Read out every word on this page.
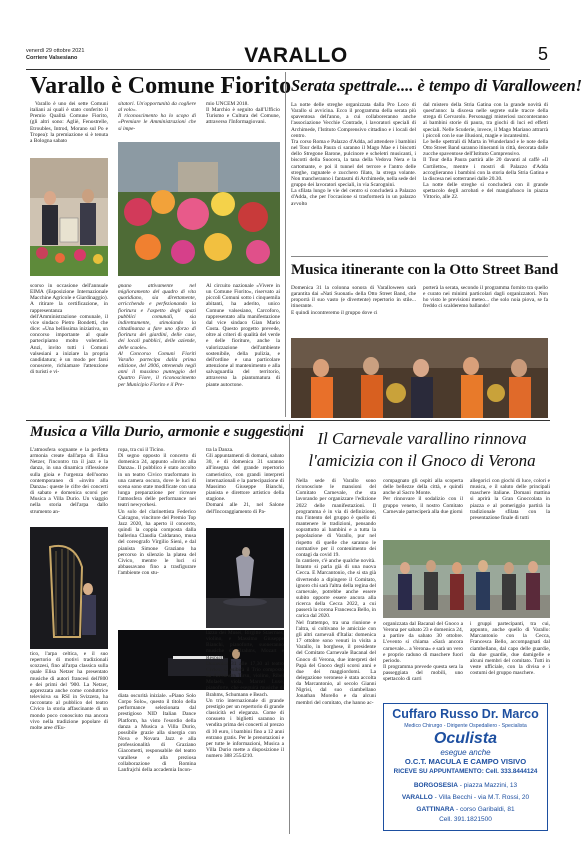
venerdì 29 ottobre 2021

Corriere Valsesiano	VARALLO	5
Varallo è Comune Fiorito
Varallo è uno dei sette Comuni italiani ai quali è stato conferito il Premio Qualità Comune Fiorito, (gli altri sono: Agliè, Fenostrelle, Etroubles, Introd, Morano sul Po e Tropea): la premiazione si è tenuta a Bologna sabato
sitatori. Un'opportunità da cogliere al volo».
Il riconoscimento ha lo scopo di «Premiare le Amministrazioni che si impe-
mio UNCEM 2018.
Il Marchio è seguito dall'Ufficio Turismo e Cultura del Comune, attraverso l'Informagiovani.
scorso in occasione dell'annuale EIMA (Esposizione Internazionale Macchine Agricole e Giardinaggio). A ritirare la certificazione, in rappresentanza dell'Amministrazione comunale, il vice sindaco Pietro Bondetti, che dice: «Una bellissima iniziativa, un concorso importante al quale partecipiamo molto volentieri. Anzi, invito tutti i Comuni valsesiani a iniziare la propria candidatura; è un modo per farsi conoscere, richiamare l'attenzione di turisti e vi-
gnano attivamente nel miglioramento del quadro di vita quotidiano, sia direttamente, arricchendo e perfezionando la fioritura e l'aspetto degli spazi pubblici comunali, sia indirettamente, stimolando la cittadinanza a fare uno sforzo di fioritura dei giardini, delle case, dei locali pubblici, delle aziende, delle scuole».
Al Concorso Comuni Fioriti Varallo partecipa dalla prima edizione, del 2006, ottenendo negli anni il massimo punteggio del Quattro Fiore, il riconoscimento per Municipio Fiorito e il Pre-
Al circuito nazionale «Vivere in un Comune Fiorito», riservato ai piccoli Comuni sotto i cinquemila abitanti, ha aderito, unico Comune valsesiano, Carcoforo, rappresentato alla manifestazione dal vice sindaco Gian Mario Costa. Questo progetto prevede, oltre ai criteri di qualità del verde e delle fioriture, anche la valorizzazione dell'ambiente sostenibile, della pulizia, e dell'ordine e una particolare attenzione al mantenimento e alla salvaguardia del territorio, attraverso la piantumatura di piante autoctone.
Serata spettrale.... è tempo di Varalloween!
La notte delle streghe organizzata dalla Pro Loco di Varallo si avvicina. Ecco il programma della serata più spaventosa dell'anno, a cui collaboreranno anche l'associazione Vecchie Contrade, i lavoratori speciali di Archimede, l'Istituto Comprensivo cittadino e i locali del centro.
Tra corso Roma e Palazzo d'Adda, ad attendere i bambini nel Tour della Paura ci saranno il Mago Mae e i biscotti dello Stregone Barone, pulcinore e scheletri musicanti, i biscotti della Suocera, la tana della Vedova Nera e la cartomante, e poi il tunnel del terrore e l'antro delle streghe, ragnatele e zucchero filato, la strega volante. Non mancheranno i fantasmi di Archimede, nella sede del gruppo dei lavoratori speciali, in via Scarognini.
La sfilata lungo le vie del centro si concluderà a Palazzo d'Adda, che per l'occasione si trasformerà in un palazzo avvolto
dal mistero della Stria Gatina con la grande novità di quest'anno: la discesa nelle segrete sulle tracce della strega di Cervarolo. Personaggi misteriosi racconteranno ai bambini storie di paura, tra giochi di luci ed effetti speciali. Nelle Scuderie, invece, il Mago Mariano attrarrà i piccoli con le sue illusioni, magie e incantesimi.
Le belle spettrali di Marta in Wunderland e le note della Otto Street Band saranno itineranti in città, decorata dalle zucche spaventose dell'Istituto Comprensivo.
Il Tour della Paura partirà alle 20 davanti al caffè «Il Cortiletto», mentre i mostri di Palazzo d'Adda accoglieranno i bambini con la storia della Stria Gatina e la discesa nei sotterranei dalle 20.30.
La notte delle streghe si concluderà con il grande spettacolo degli acrobati e del mangiafuoco in piazza Vittorio, alle 22.
Musica itinerante con la Otto Street Band
Domenica 31 la colonna sonora di Varalloween sarà garantita dai «Nati Suonati» della Otto Street Band, che proporrà il suo vasto (e divertente) repertorio in stile... itinerante.
E quindi incontreremo il gruppo dove ci
porterà la serata, secondo il programma fornito tra quello e curato nei minimi particolari dagli organizzatori. Non ho visto le previsioni meteo... che solo noia piova, se fa freddo ci scalderemo ballando!
Musica a Villa Durio, armonie e suggestioni
L'atmosfera sognante e la perfetta armonia create dall'arpa di Elisa Netzer, l'incontro tra il jazz e la danza, in una dinamica riflessione sulla gioia e l'urgenza dell'uomo contemporaneo di «invito alla Danza»: queste le cifre dei concerti di sabato e domenica scorsi per Musica a Villa Durio. Un viaggio nella storia dell'arpa dallo strumento an-
ropa, tra cui il Ticino.
Di segno opposto il concerto di domenica 24, appunto «Invito alla Danza». Il pubblico è stato accolto in un teatro Civico trasformato in una camera oscura, dove le luci di scena sono state modificate con una lunga preparazione per ricreare l'atmosfera delle performance nei teatri newyorkesi.
Un solo del clarinettista Federico Calcagno, vincitore del Premio Top Jazz 2020, ha aperto il concerto, quindi la coppia composta dalla ballerina Claudia Caldarano, musa del coreografo Virgilio Sieni, e dal pianista Simone Graziano ha percorso in silenzio la platea del Civico, mentre le luci si abbassavano fino a trasfigurare l'ambiente con stu-
tra la Danza.
Gli appuntamenti di domani, sabato 30, e di domenica 31 saranno all'insegna del grande repertorio cameristico, con grandi interpreti internazionali e la partecipazione di Massimo Giuseppe Bianchi, pianista e direttore artistico della stagione.
Domani alle 21, nel Salone dell'Incoraggiamento di Pa-
tico, l'arpa celtica, e il suo repertorio di motivi tradizionali scozzesi, fino all'arpa classica sulla quale Elisa Netzer ha presentato musiche di autori francesi dell'800 e dei primi del '900. La Netzer, apprezzata anche come conduttrice televisiva su RSI in Svizzera, ha raccontato al pubblico del teatro Civico la storia affascinante di un mondo poco conosciuto ma ancora vivo nella tradizione popolare di molte aree d'Eu-
diata oscurità iniziale. «Piano Solo Corpo Solo», questo il titolo della performance selezionata dal prestigioso NID Italian Dance Platform, ha visto l'esordio della danza a Musica a Villa Durio, possibile grazie alla sinergia con Nova e Novara Jazz e alla professionalità di Graziano Giacometti, responsabile del teatro varallese e alla preziosa collaborazione di Romina Lanfrajchi della accademia Incon-
lazzo dei Musei, Birgitte Staermes, violino, e Massimo Giuseppe Bianchi, pianoforte, suoneranno musiche di Brahms, Mozart e Respighi.
Domenica 31 alle 17,30 al teatro Civico, si esibirà il Trio composto da Alexandra Tirsu, violino, Ribel Molaeli, viola, Marcel Luxe, pianoforte, che eseguirà musiche di Brahms, Schumann e Beach.
Un trio internazionale di grande prestigio per un repertorio di grande classicità ed eleganza. Come di consueto i biglietti saranno in vendita prima dei concerti al prezzo di 10 euro, i bambini fino a 12 anni entrano gratis. Per le prenotazioni e per tutte le informazioni, Musica a Villa Durio mette a disposizione il numero 388 2554210.
Il Carnevale varallino rinnova
l'amicizia con il Gnoco di Verona
Nella sede di Varallo sono riconosciute le mansioni del Comitato Carnevale, che sta lavorando per organizzare l'edizione 2022 delle manifestazioni. Il programma è in via di definizione, ma l'intento del gruppo è quello di mantenere le tradizioni, pensando soprattutto ai bambini e a tutta la popolazione di Varallo, pur nel rispetto di quelle che saranno le normative per il contenimento dei contagi da covid 19.
In cantiere, c'è anche qualche novità.
Intanto si parla già di una nuova Cecca. E Marcantonio, che si sta già divertendo a dipingere il Comitato, ignoro chi sarà l'altra della regina del carnevale, potrebbe anche essere subito opporre essere ancora alla ricerca della Cecca 2022, a cui passerà la corona Francesca Bello, in carica dal 2020.
Nel frattempo, tra una riunione e l'altra, si coltivano le amicizie con gli altri carnevali d'Italia: domenica 17 ottobre sono venuti in visita a Varallo, in borghese, il presidente del Comitato Carnevale Bacanal del Gnoco di Verona, due interpreti del Papà del Gnoco degli scorsi anni e due dei maggiordomi. La delegazione veronese è stata accolta da Marcantonio, al secolo Gianni Nigrisi, dal suo ciambellano Jonathan Morello e da alcuni membri del comitato, che hanno ac-
compagnato gli ospiti alla scoperta delle bellezze della città, e quindi anche al Sacro Monte.
Per rinnovare il sodalizio con il gruppo veneto, il nostro Comitato Carnevale parteciperà alla due giorni
allegorici con giochi di luce, colori e musica, e il saluto delle principali maschere italiane. Domani mattina si aprirà la Gran Gnoccolata in piazza e al pomeriggio partirà la tradizionale sfilata con la presentazione finale di tutti
organizzata dal Bacanal del Gnoco a Verona per sabato 23 e domenica 24, a partire da sabato 30 ottobre. L'evento si chiama «Sarà ancora carnevale... a Verona» e sarà un vero e proprio raduno di maschere fuori periodo.
Il programma prevede questa sera la passeggiata del mobili, uno spettacolo di carri
i gruppi partecipanti, tra cui, appunto, anche quello di Varallo: Marcantonio con la Cecca, Francesca Bello, accompagnati dal ciambellano, dal capo delle guardie, da due guardie, due damigelle e alcuni membri del comitato. Tutti in veste ufficiale, con la divisa e i costumi del gruppo maschere.
Cuffaro Russo Dr. Marco
Medico Chirurgo - Dirigente Ospedaliero - Specialista
Oculista
esegue anche
O.C.T. MACULA E CAMPO VISIVO
RICEVE SU APPUNTAMENTO: Cell. 333.8444124
BORGOSESIA - piazza Mazzini, 13
VARALLO - Villa Becchi - via M.T. Rossi, 20
GATTINARA - corso Garibaldi, 81
Cell. 391.1821500
